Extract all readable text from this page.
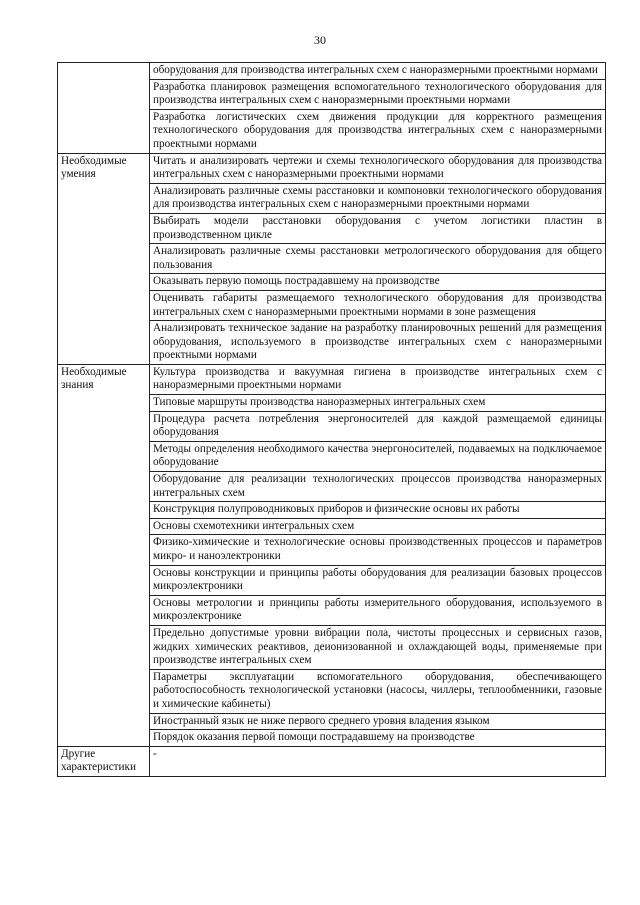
30
	оборудования для производства интегральных схем с наноразмерными проектными нормами
	Разработка планировок размещения вспомогательного технологического оборудования для производства интегральных схем с наноразмерными проектными нормами
	Разработка логистических схем движения продукции для корректного размещения технологического оборудования для производства интегральных схем с наноразмерными проектными нормами
Необходимые умения	Читать и анализировать чертежи и схемы технологического оборудования для производства интегральных схем с наноразмерными проектными нормами
	Анализировать различные схемы расстановки и компоновки технологического оборудования для производства интегральных схем с наноразмерными проектными нормами
	Выбирать модели расстановки оборудования с учетом логистики пластин в производственном цикле
	Анализировать различные схемы расстановки метрологического оборудования для общего пользования
	Оказывать первую помощь пострадавшему на производстве
	Оценивать габариты размещаемого технологического оборудования для производства интегральных схем с наноразмерными проектными нормами в зоне размещения
	Анализировать техническое задание на разработку планировочных решений для размещения оборудования, используемого в производстве интегральных схем с наноразмерными проектными нормами
Необходимые знания	Культура производства и вакуумная гигиена в производстве интегральных схем с наноразмерными проектными нормами
	Типовые маршруты производства наноразмерных интегральных схем
	Процедура расчета потребления энергоносителей для каждой размещаемой единицы оборудования
	Методы определения необходимого качества энергоносителей, подаваемых на подключаемое оборудование
	Оборудование для реализации технологических процессов производства наноразмерных интегральных схем
	Конструкция полупроводниковых приборов и физические основы их работы
	Основы схемотехники интегральных схем
	Физико-химические и технологические основы производственных процессов и параметров микро- и наноэлектроники
	Основы конструкции и принципы работы оборудования для реализации базовых процессов микроэлектроники
	Основы метрологии и принципы работы измерительного оборудования, используемого в микроэлектронике
	Предельно допустимые уровни вибрации пола, чистоты процессных и сервисных газов, жидких химических реактивов, деионизованной и охлаждающей воды, применяемые при производстве интегральных схем
	Параметры эксплуатации вспомогательного оборудования, обеспечивающего работоспособность технологической установки (насосы, чиллеры, теплообменники, газовые и химические кабинеты)
	Иностранный язык не ниже первого среднего уровня владения языком
	Порядок оказания первой помощи пострадавшему на производстве
Другие характеристики	-
